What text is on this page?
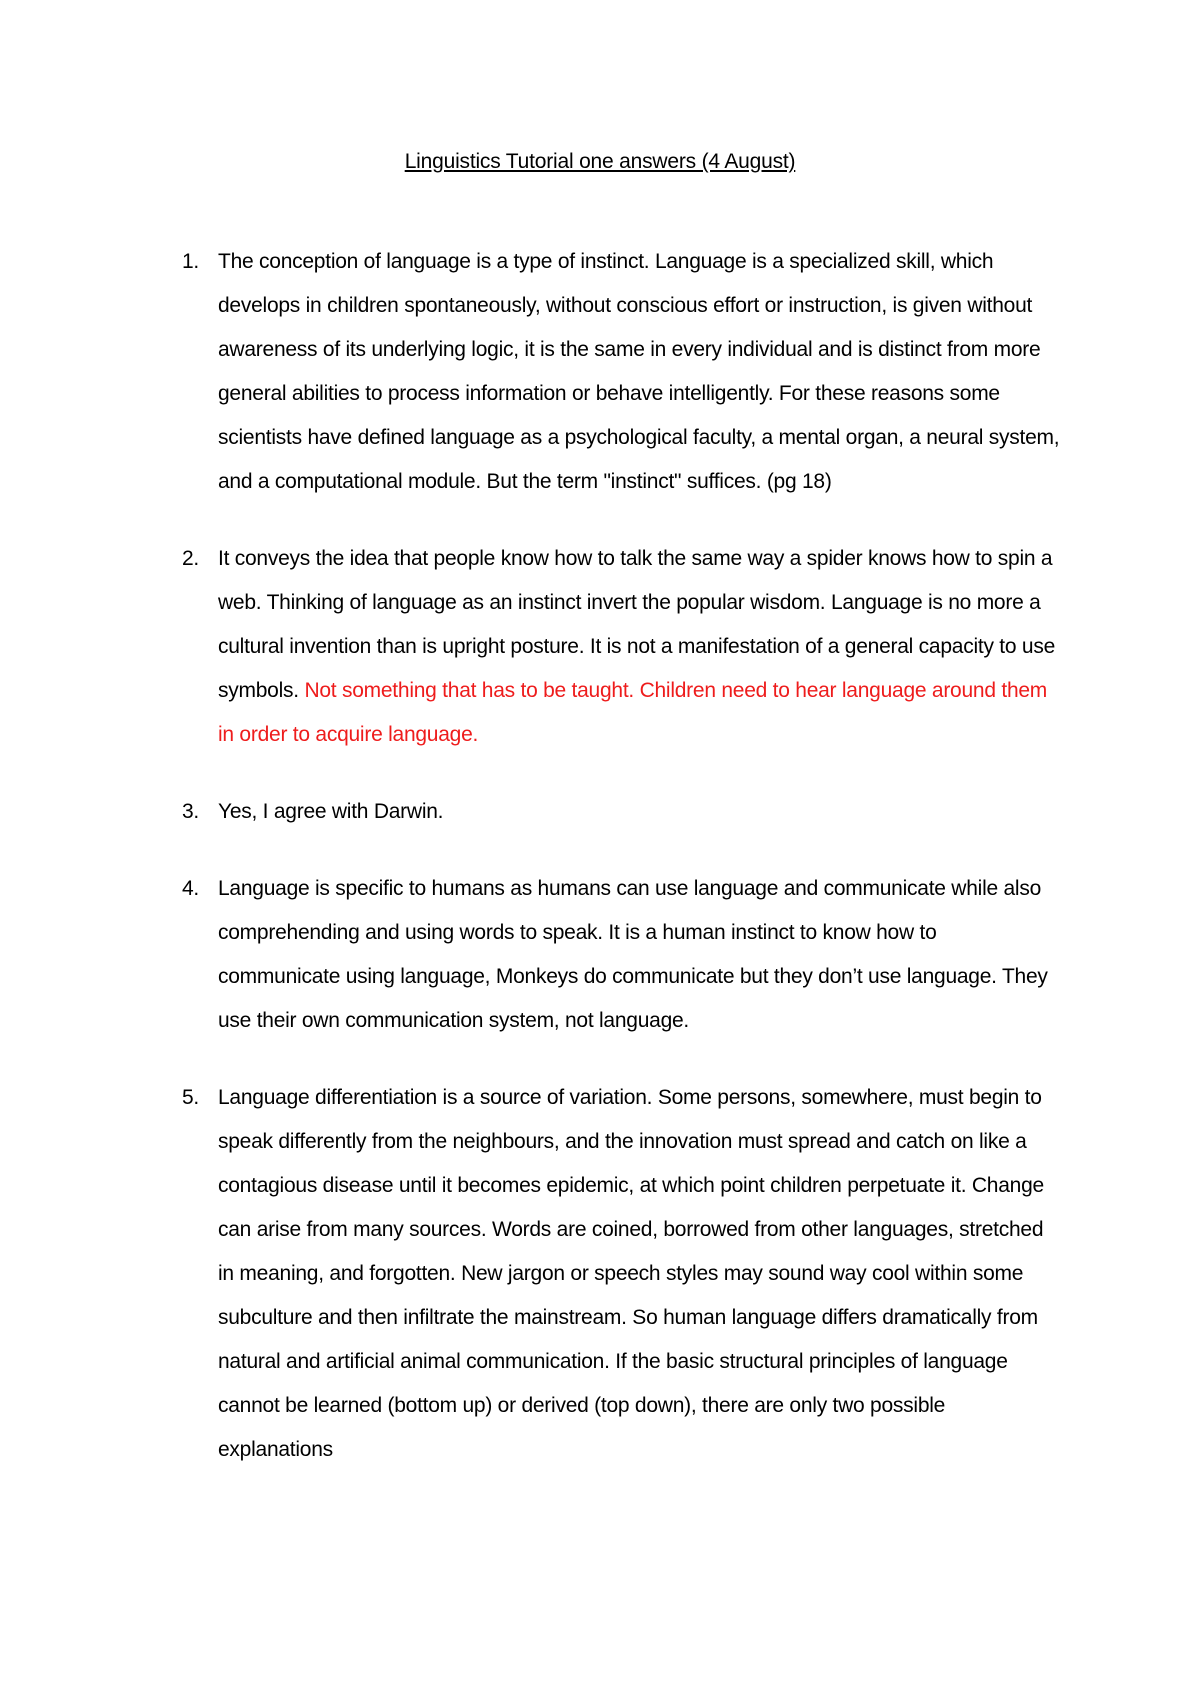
Linguistics Tutorial one answers (4 August)
1. The conception of language is a type of instinct. Language is a specialized skill, which develops in children spontaneously, without conscious effort or instruction, is given without awareness of its underlying logic, it is the same in every individual and is distinct from more general abilities to process information or behave intelligently. For these reasons some scientists have defined language as a psychological faculty, a mental organ, a neural system, and a computational module. But the term "instinct" suffices. (pg 18)
2. It conveys the idea that people know how to talk the same way a spider knows how to spin a web. Thinking of language as an instinct invert the popular wisdom. Language is no more a cultural invention than is upright posture. It is not a manifestation of a general capacity to use symbols. Not something that has to be taught. Children need to hear language around them in order to acquire language.
3. Yes, I agree with Darwin.
4. Language is specific to humans as humans can use language and communicate while also comprehending and using words to speak. It is a human instinct to know how to communicate using language, Monkeys do communicate but they don’t use language. They use their own communication system, not language.
5. Language differentiation is a source of variation. Some persons, somewhere, must begin to speak differently from the neighbours, and the innovation must spread and catch on like a contagious disease until it becomes epidemic, at which point children perpetuate it. Change can arise from many sources. Words are coined, borrowed from other languages, stretched in meaning, and forgotten. New jargon or speech styles may sound way cool within some subculture and then infiltrate the mainstream. So human language differs dramatically from natural and artificial animal communication. If the basic structural principles of language cannot be learned (bottom up) or derived (top down), there are only two possible explanations
